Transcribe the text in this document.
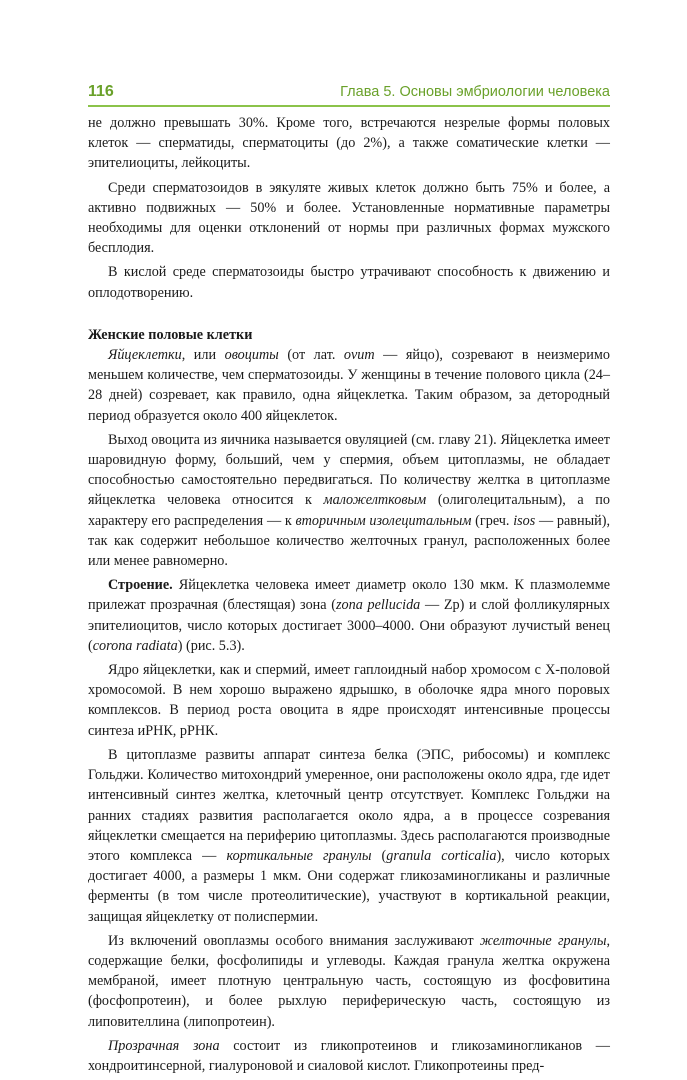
116	Глава 5. Основы эмбриологии человека

не должно превышать 30%. Кроме того, встречаются незрелые формы половых клеток — сперматиды, сперматоциты (до 2%), а также соматические клетки — эпителиоциты, лейкоциты.

Среди сперматозоидов в эякуляте живых клеток должно быть 75% и более, а активно подвижных — 50% и более. Установленные нормативные параметры необходимы для оценки отклонений от нормы при различных формах мужского бесплодия.

В кислой среде сперматозоиды быстро утрачивают способность к движению и оплодотворению.

Женские половые клетки

Яйцеклетки, или овоциты (от лат. ovum — яйцо), созревают в неизмеримо меньшем количестве, чем сперматозоиды. У женщины в течение полового цикла (24–28 дней) созревает, как правило, одна яйцеклетка. Таким образом, за детородный период образуется около 400 яйцеклеток.

Выход овоцита из яичника называется овуляцией (см. главу 21). Яйцеклетка имеет шаровидную форму, больший, чем у спермия, объем цитоплазмы, не обладает способностью самостоятельно передвигаться. По количеству желтка в цитоплазме яйцеклетка человека относится к маложелтковым (олиголецитальным), а по характеру его распределения — к вторичным изолецитальным (греч. isos — равный), так как содержит небольшое количество желточных гранул, расположенных более или менее равномерно.

Строение. Яйцеклетка человека имеет диаметр около 130 мкм. К плазмолемме прилежат прозрачная (блестящая) зона (zona pellucida — Zp) и слой фолликулярных эпителиоцитов, число которых достигает 3000–4000. Они образуют лучистый венец (corona radiata) (рис. 5.3).

Ядро яйцеклетки, как и спермий, имеет гаплоидный набор хромосом с Х-половой хромосомой. В нем хорошо выражено ядрышко, в оболочке ядра много поровых комплексов. В период роста овоцита в ядре происходят интенсивные процессы синтеза иРНК, рРНК.

В цитоплазме развиты аппарат синтеза белка (ЭПС, рибосомы) и комплекс Гольджи. Количество митохондрий умеренное, они расположены около ядра, где идет интенсивный синтез желтка, клеточный центр отсутствует. Комплекс Гольджи на ранних стадиях развития располагается около ядра, а в процессе созревания яйцеклетки смещается на периферию цитоплазмы. Здесь располагаются производные этого комплекса — кортикальные гранулы (granula corticalia), число которых достигает 4000, а размеры 1 мкм. Они содержат гликозаминогликаны и различные ферменты (в том числе протеолитические), участвуют в кортикальной реакции, защищая яйцеклетку от полиспермии.

Из включений овоплазмы особого внимания заслуживают желточные гранулы, содержащие белки, фосфолипиды и углеводы. Каждая гранула желтка окружена мембраной, имеет плотную центральную часть, состоящую из фосфовитина (фосфопротеин), и более рыхлую периферическую часть, состоящую из липовителлина (липопротеин).

Прозрачная зона состоит из гликопротеинов и гликозаминогликанов — хондроитинсерной, гиалуроновой и сиаловой кислот. Гликопротеины пред-
